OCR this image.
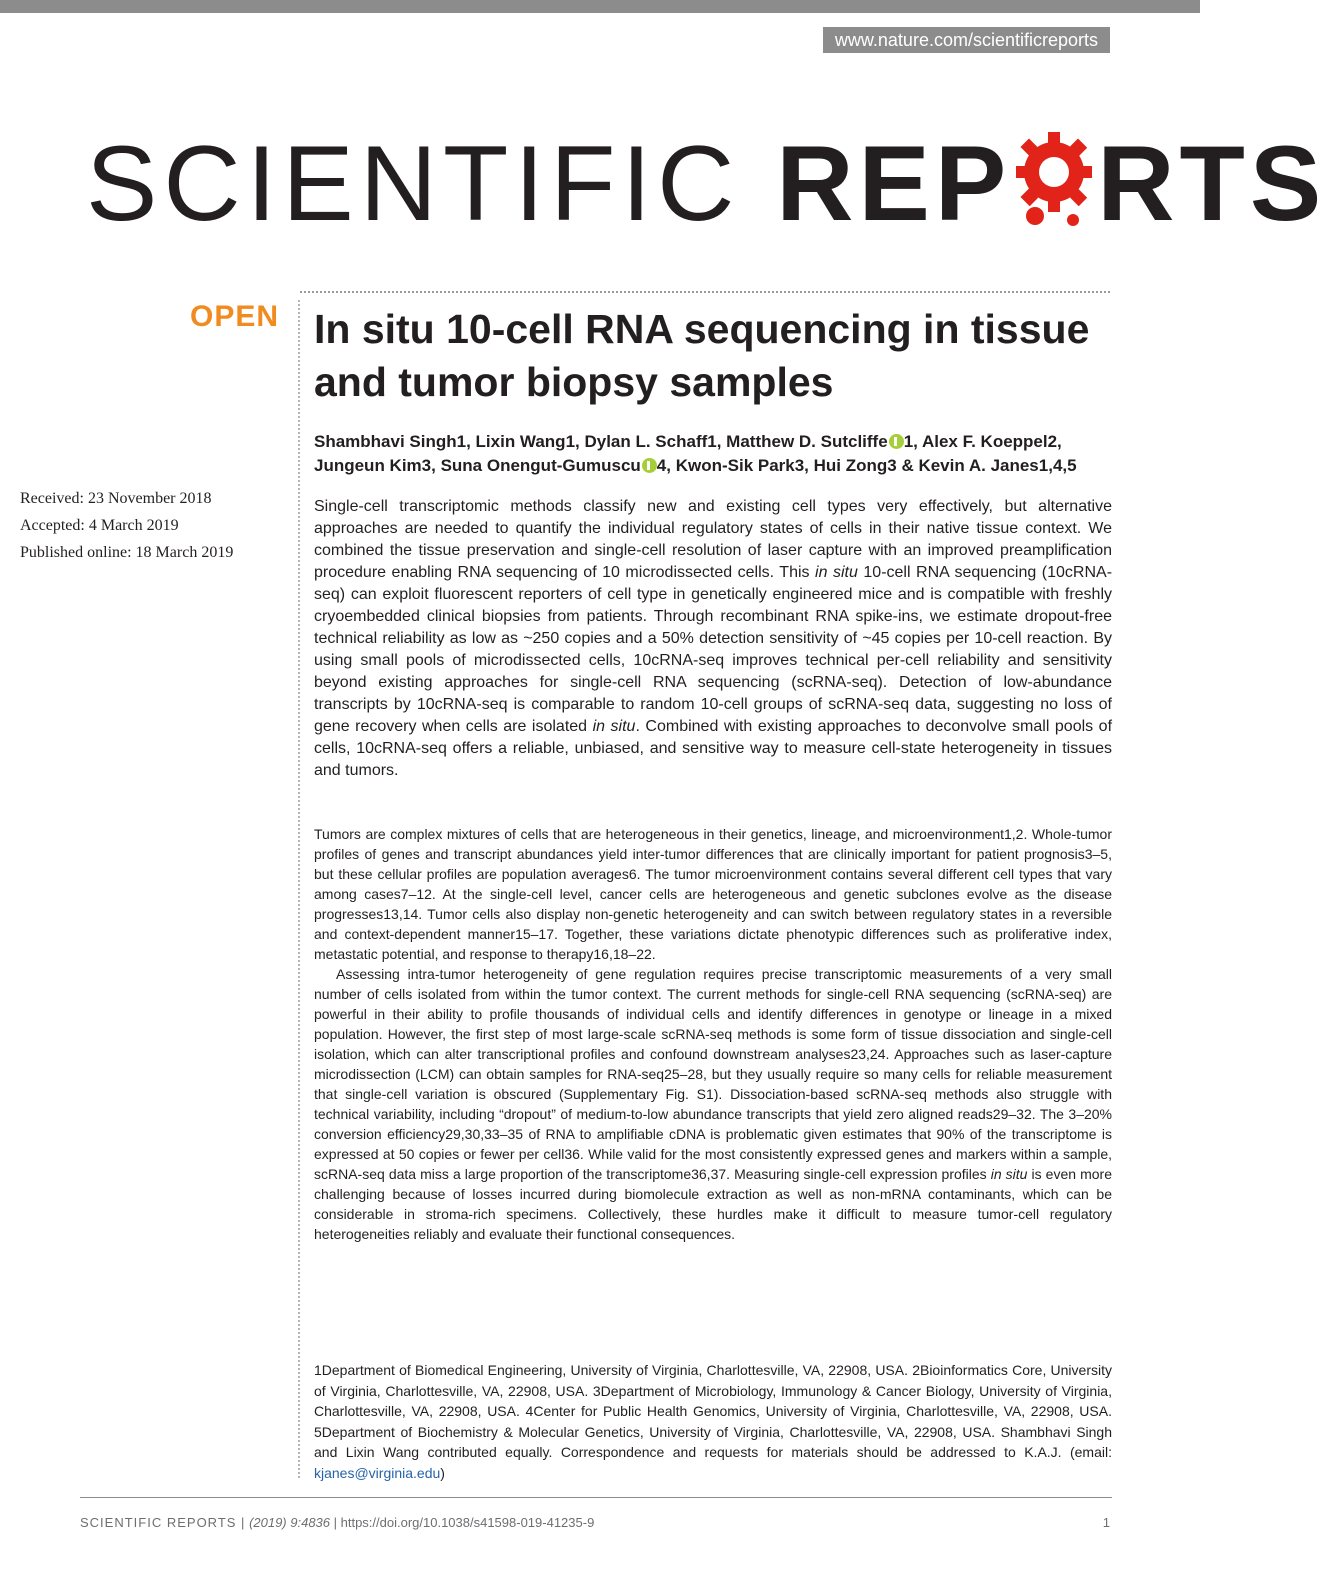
www.nature.com/scientificreports
SCIENTIFIC REP RTS
OPEN In situ 10-cell RNA sequencing in tissue and tumor biopsy samples
Shambhavi Singh1, Lixin Wang1, Dylan L. Schaff1, Matthew D. Sutcliffe 1, Alex F. Koeppel2,
Jungeun Kim3, Suna Onengut-Gumuscu 4, Kwon-Sik Park3, Hui Zong3 & Kevin A. Janes1,4,5
Received: 23 November 2018
Accepted: 4 March 2019
Published online: 18 March 2019

Single-cell transcriptomic methods classify new and existing cell types very effectively, but alternative approaches are needed to quantify the individual regulatory states of cells in their native tissue context. We combined the tissue preservation and single-cell resolution of laser capture with an improved preamplification procedure enabling RNA sequencing of 10 microdissected cells. This in situ 10-cell RNA sequencing (10cRNA-seq) can exploit fluorescent reporters of cell type in genetically engineered mice and is compatible with freshly cryoembedded clinical biopsies from patients. Through recombinant RNA spike-ins, we estimate dropout-free technical reliability as low as ~250 copies and a 50% detection sensitivity of ~45 copies per 10-cell reaction. By using small pools of microdissected cells, 10cRNA-seq improves technical per-cell reliability and sensitivity beyond existing approaches for single-cell RNA sequencing (scRNA-seq). Detection of low-abundance transcripts by 10cRNA-seq is comparable to random 10-cell groups of scRNA-seq data, suggesting no loss of gene recovery when cells are isolated in situ. Combined with existing approaches to deconvolve small pools of cells, 10cRNA-seq offers a reliable, unbiased, and sensitive way to measure cell-state heterogeneity in tissues and tumors.

Tumors are complex mixtures of cells that are heterogeneous in their genetics, lineage, and microenvironment1,2. Whole-tumor profiles of genes and transcript abundances yield inter-tumor differences that are clinically important for patient prognosis3–5, but these cellular profiles are population averages6. The tumor microenvironment contains several different cell types that vary among cases7–12. At the single-cell level, cancer cells are heterogeneous and genetic subclones evolve as the disease progresses13,14. Tumor cells also display non-genetic heterogeneity and can switch between regulatory states in a reversible and context-dependent manner15–17. Together, these variations dictate phenotypic differences such as proliferative index, metastatic potential, and response to therapy16,18–22.

Assessing intra-tumor heterogeneity of gene regulation requires precise transcriptomic measurements of a very small number of cells isolated from within the tumor context. The current methods for single-cell RNA sequencing (scRNA-seq) are powerful in their ability to profile thousands of individual cells and identify differences in genotype or lineage in a mixed population. However, the first step of most large-scale scRNA-seq methods is some form of tissue dissociation and single-cell isolation, which can alter transcriptional profiles and confound downstream analyses23,24. Approaches such as laser-capture microdissection (LCM) can obtain samples for RNA-seq25–28, but they usually require so many cells for reliable measurement that single-cell variation is obscured (Supplementary Fig. S1). Dissociation-based scRNA-seq methods also struggle with technical variability, including “dropout” of medium-to-low abundance transcripts that yield zero aligned reads29–32. The 3–20% conversion efficiency29,30,33–35 of RNA to amplifiable cDNA is problematic given estimates that 90% of the transcriptome is expressed at 50 copies or fewer per cell36. While valid for the most consistently expressed genes and markers within a sample, scRNA-seq data miss a large proportion of the transcriptome36,37. Measuring single-cell expression profiles in situ is even more challenging because of losses incurred during biomolecule extraction as well as non-mRNA contaminants, which can be considerable in stroma-rich specimens. Collectively, these hurdles make it difficult to measure tumor-cell regulatory heterogeneities reliably and evaluate their functional consequences.

1Department of Biomedical Engineering, University of Virginia, Charlottesville, VA, 22908, USA. 2Bioinformatics Core, University of Virginia, Charlottesville, VA, 22908, USA. 3Department of Microbiology, Immunology & Cancer Biology, University of Virginia, Charlottesville, VA, 22908, USA. 4Center for Public Health Genomics, University of Virginia, Charlottesville, VA, 22908, USA. 5Department of Biochemistry & Molecular Genetics, University of Virginia, Charlottesville, VA, 22908, USA. Shambhavi Singh and Lixin Wang contributed equally. Correspondence and requests for materials should be addressed to K.A.J. (email: kjanes@virginia.edu)

SCIENTIFIC REPORTS | (2019) 9:4836 | https://doi.org/10.1038/s41598-019-41235-9	1
